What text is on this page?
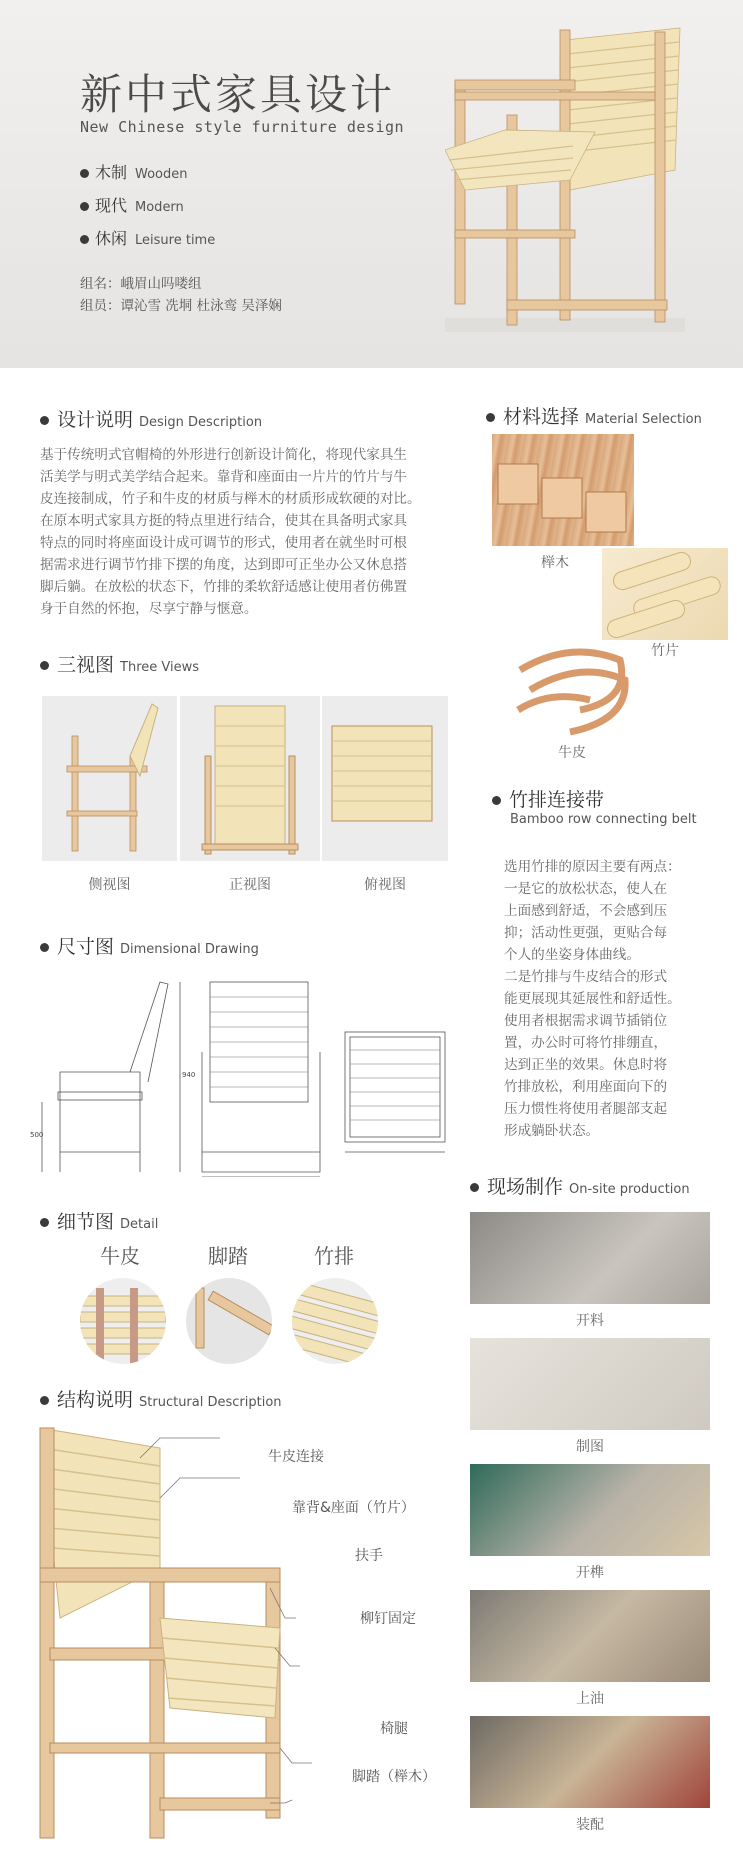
新中式家具设计
New Chinese style furniture design
木制 Wooden
现代 Modern
休闲 Leisure time
组名：峨眉山吗喽组
组员：谭沁雪 冼垌 杜泳鸾 吴泽娴
设计说明 Design Description
基于传统明式官帽椅的外形进行创新设计简化，将现代家具生
活美学与明式美学结合起来。靠背和座面由一片片的竹片与牛
皮连接制成，竹子和牛皮的材质与榉木的材质形成软硬的对比。
在原本明式家具方挺的特点里进行结合，使其在具备明式家具
特点的同时将座面设计成可调节的形式，使用者在就坐时可根
据需求进行调节竹排下摆的角度，达到即可正坐办公又休息搭
脚后躺。在放松的状态下，竹排的柔软舒适感让使用者仿佛置
身于自然的怀抱，尽享宁静与惬意。
材料选择 Material Selection
榉木
竹片
牛皮
三视图 Three Views
侧视图	正视图	俯视图
竹排连接带
Bamboo row connecting belt
选用竹排的原因主要有两点：
一是它的放松状态，使人在
上面感到舒适，不会感到压
抑；活动性更强，更贴合每
个人的坐姿身体曲线。
二是竹排与牛皮结合的形式
能更展现其延展性和舒适性。
使用者根据需求调节插销位
置，办公时可将竹排绷直，
达到正坐的效果。休息时将
竹排放松，利用座面向下的
压力惯性将使用者腿部支起
形成躺卧状态。
尺寸图 Dimensional Drawing
940
500
细节图 Detail
牛皮	脚踏	竹排
现场制作 On-site production
开料
制图
开榫
上油
装配
结构说明 Structural Description
牛皮连接
靠背&座面（竹片）
扶手
柳钉固定
椅腿
脚踏（榉木）
